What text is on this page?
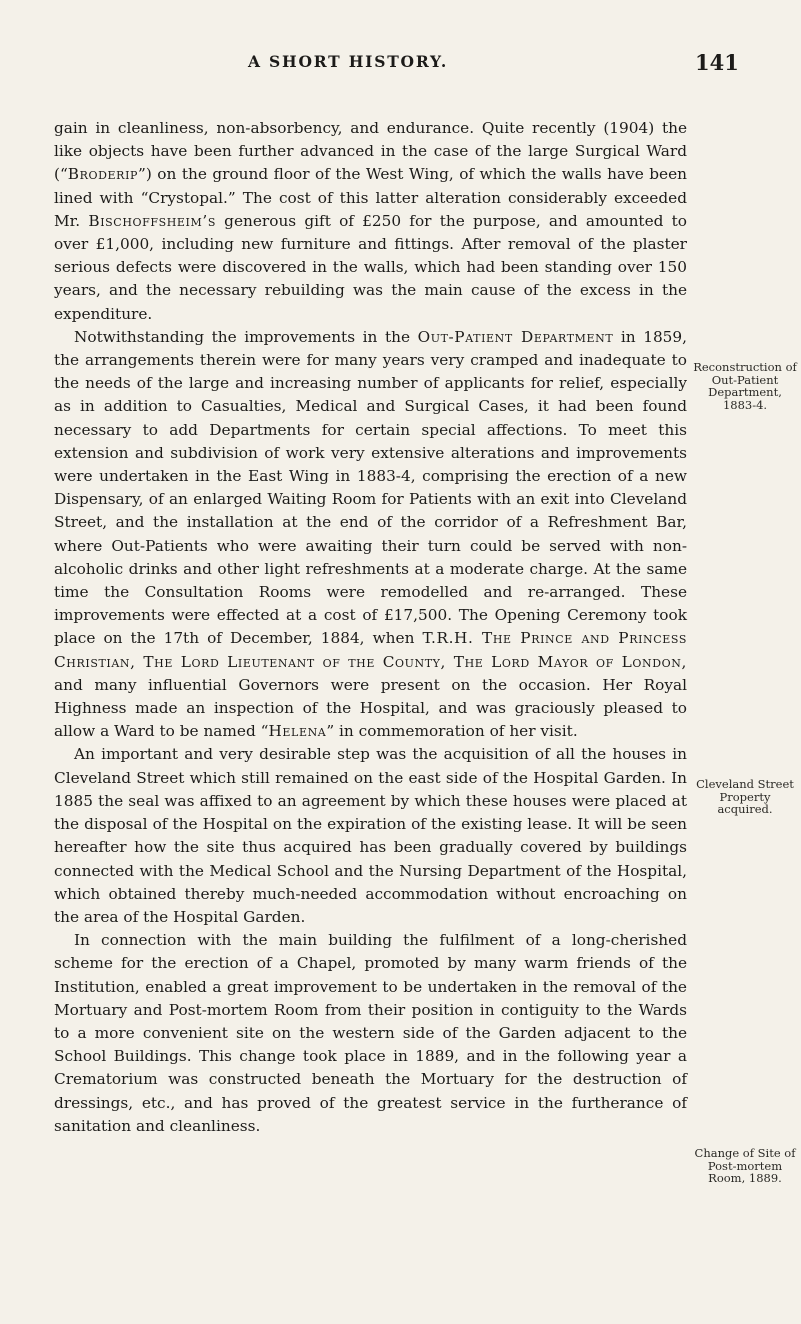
A SHORT HISTORY.	141

gain in cleanliness, non-absorbency, and endurance. Quite recently (1904) the like objects have been further advanced in the case of the large Surgical Ward (“Broderip”) on the ground floor of the West Wing, of which the walls have been lined with “Crystopal.” The cost of this latter alteration considerably exceeded Mr. Bischoffsheim’s generous gift of £250 for the purpose, and amounted to over £1,000, including new furniture and fittings. After removal of the plaster serious defects were discovered in the walls, which had been standing over 150 years, and the necessary rebuilding was the main cause of the excess in the expenditure.

Notwithstanding the improvements in the Out-Patient Department in 1859, the arrangements therein were for many years very cramped and inadequate to the needs of the large and increasing number of applicants for relief, especially as in addition to Casualties, Medical and Surgical Cases, it had been found necessary to add Departments for certain special affections. To meet this extension and subdivision of work very extensive alterations and improvements were undertaken in the East Wing in 1883-4, comprising the erection of a new Dispensary, of an enlarged Waiting Room for Patients with an exit into Cleveland Street, and the installation at the end of the corridor of a Refreshment Bar, where Out-Patients who were awaiting their turn could be served with non-alcoholic drinks and other light refreshments at a moderate charge. At the same time the Consultation Rooms were remodelled and re-arranged. These improvements were effected at a cost of £17,500. The Opening Ceremony took place on the 17th of December, 1884, when T.R.H. The Prince and Princess Christian, The Lord Lieutenant of the County, The Lord Mayor of London, and many influential Governors were present on the occasion. Her Royal Highness made an inspection of the Hospital, and was graciously pleased to allow a Ward to be named “Helena” in commemoration of her visit.

An important and very desirable step was the acquisition of all the houses in Cleveland Street which still remained on the east side of the Hospital Garden. In 1885 the seal was affixed to an agreement by which these houses were placed at the disposal of the Hospital on the expiration of the existing lease. It will be seen hereafter how the site thus acquired has been gradually covered by buildings connected with the Medical School and the Nursing Department of the Hospital, which obtained thereby much-needed accommodation without encroaching on the area of the Hospital Garden.

In connection with the main building the fulfilment of a long-cherished scheme for the erection of a Chapel, promoted by many warm friends of the Institution, enabled a great improvement to be undertaken in the removal of the Mortuary and Post-mortem Room from their position in contiguity to the Wards to a more convenient site on the western side of the Garden adjacent to the School Buildings. This change took place in 1889, and in the following year a Crematorium was constructed beneath the Mortuary for the destruction of dressings, etc., and has proved of the greatest service in the furtherance of sanitation and cleanliness.

Reconstruction of Out-Patient Department, 1883-4.
Cleveland Street Property acquired.
Change of Site of Post-mortem Room, 1889.
